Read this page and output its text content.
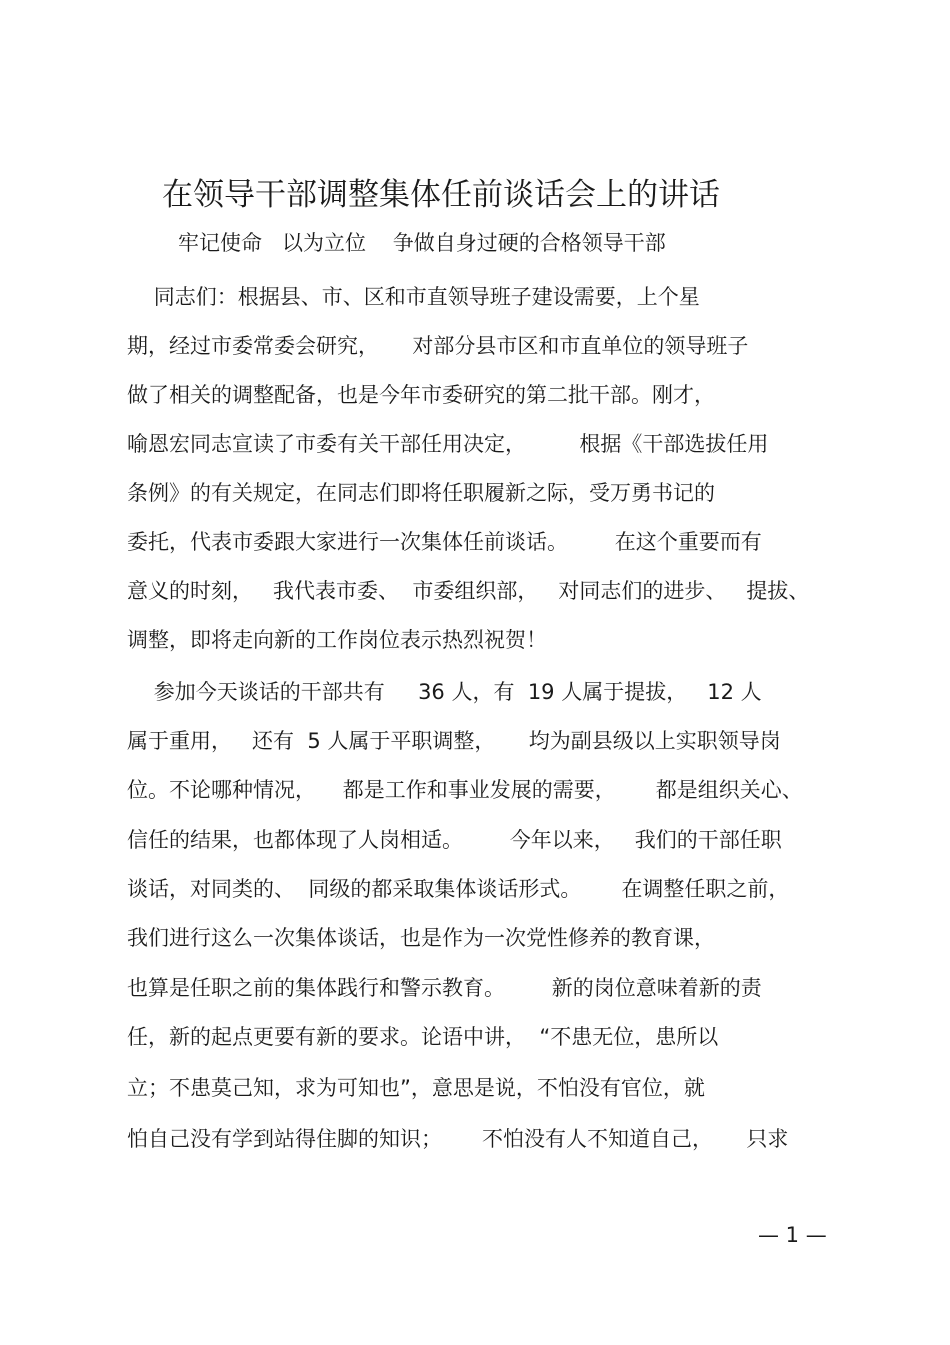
在领导干部调整集体任前谈话会上的讲话
牢记使命   以为立位    争做自身过硬的合格领导干部
同志们：根据县、市、区和市直领导班子建设需要，上个星
期，经过市委常委会研究，     对部分县市区和市直单位的领导班子
做了相关的调整配备，也是今年市委研究的第二批干部。刚才，
喻恩宏同志宣读了市委有关干部任用决定，        根据《干部选拔任用
条例》的有关规定，在同志们即将任职履新之际，受万勇书记的
委托，代表市委跟大家进行一次集体任前谈话。       在这个重要而有
意义的时刻，   我代表市委、  市委组织部，   对同志们的进步、   提拔、
调整，即将走向新的工作岗位表示热烈祝贺！
参加今天谈话的干部共有     36 人，有  19 人属于提拔，   12 人
属于重用，   还有  5 人属于平职调整，     均为副县级以上实职领导岗
位。不论哪种情况，    都是工作和事业发展的需要，      都是组织关心、
信任的结果，也都体现了人岗相适。       今年以来，   我们的干部任职
谈话，对同类的、  同级的都采取集体谈话形式。      在调整任职之前，
我们进行这么一次集体谈话，也是作为一次党性修养的教育课，
也算是任职之前的集体践行和警示教育。       新的岗位意味着新的责
任，新的起点更要有新的要求。论语中讲，  “不患无位，患所以
立；不患莫己知，求为可知也”，意思是说，不怕没有官位，就
怕自己没有学到站得住脚的知识；      不怕没有人不知道自己，     只求
— 1 —
